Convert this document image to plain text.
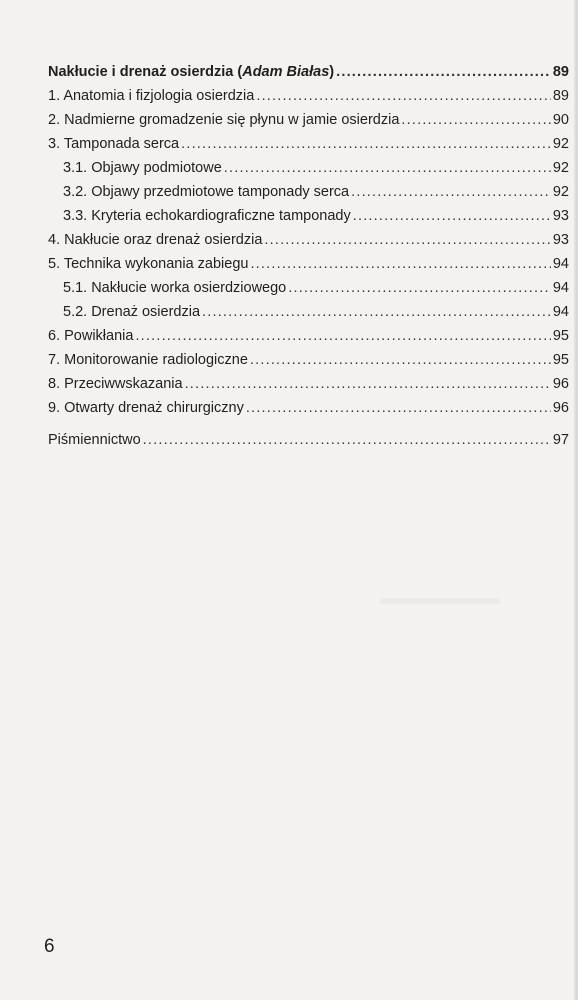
Nakłucie i drenaż osierdzia (Adam Białas) .....	89
1. Anatomia i fizjologia osierdzia .....	89
2. Nadmierne gromadzenie się płynu w jamie osierdzia .....	90
3. Tamponada serca .....	92
3.1. Objawy podmiotowe .....	92
3.2. Objawy przedmiotowe tamponady serca .....	92
3.3. Kryteria echokardiograficzne tamponady .....	93
4. Nakłucie oraz drenaż osierdzia .....	93
5. Technika wykonania zabiegu .....	94
5.1. Nakłucie worka osierdziowego .....	94
5.2. Drenaż osierdzia .....	94
6. Powikłania .....	95
7. Monitorowanie radiologiczne .....	95
8. Przeciwwskazania .....	96
9. Otwarty drenaż chirurgiczny .....	96
Piśmiennictwo .....	97
6
